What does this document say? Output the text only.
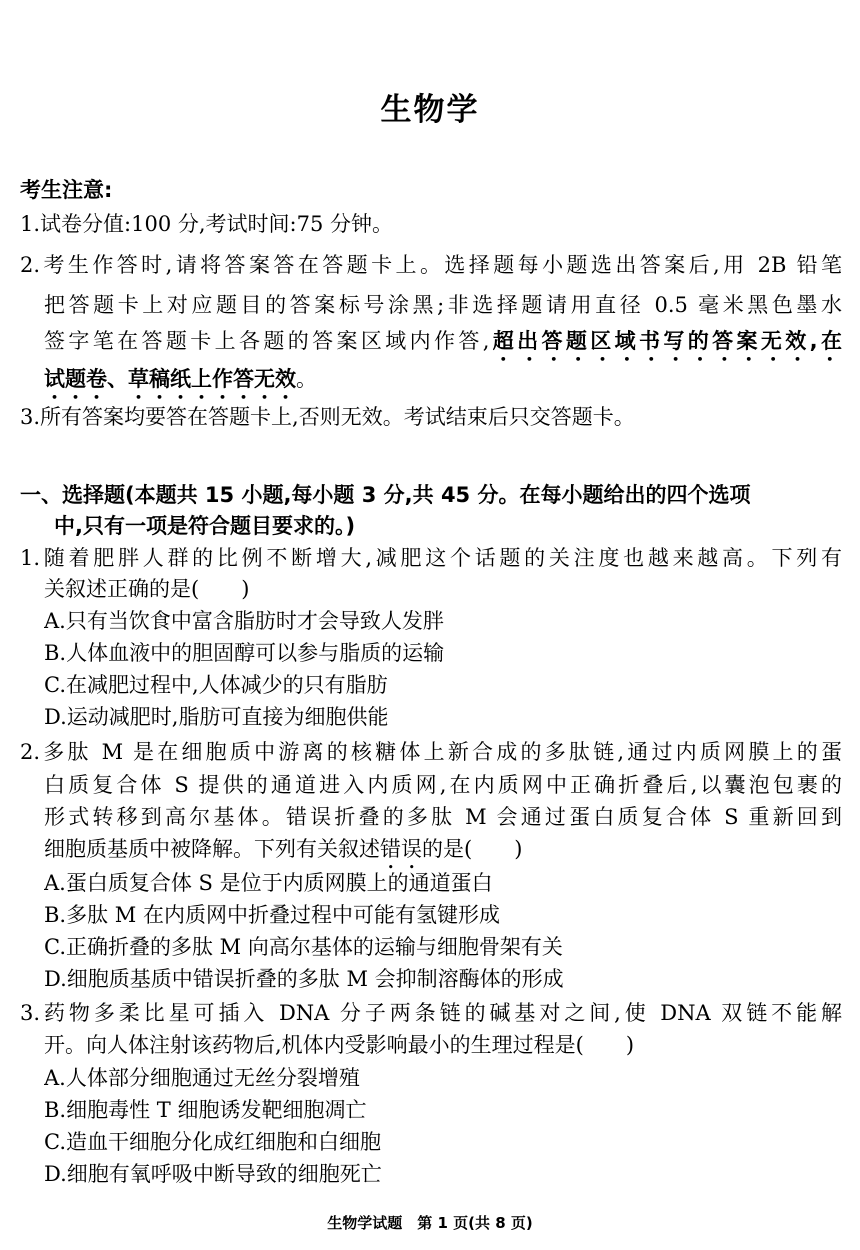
生物学
考生注意:
1.试卷分值:100 分,考试时间:75 分钟。
2.考生作答时,请将答案答在答题卡上。选择题每小题选出答案后,用 2B 铅笔
把答题卡上对应题目的答案标号涂黑;非选择题请用直径 0.5 毫米黑色墨水
签字笔在答题卡上各题的答案区域内作答,超出答题区域书写的答案无效,在
试题卷、草稿纸上作答无效。
3.所有答案均要答在答题卡上,否则无效。考试结束后只交答题卡。
一、选择题(本题共 15 小题,每小题 3 分,共 45 分。在每小题给出的四个选项
中,只有一项是符合题目要求的。)
1.随着肥胖人群的比例不断增大,减肥这个话题的关注度也越来越高。下列有
关叙述正确的是(　　)
A.只有当饮食中富含脂肪时才会导致人发胖
B.人体血液中的胆固醇可以参与脂质的运输
C.在减肥过程中,人体减少的只有脂肪
D.运动减肥时,脂肪可直接为细胞供能
2.多肽 M 是在细胞质中游离的核糖体上新合成的多肽链,通过内质网膜上的蛋
白质复合体 S 提供的通道进入内质网,在内质网中正确折叠后,以囊泡包裹的
形式转移到高尔基体。错误折叠的多肽 M 会通过蛋白质复合体 S 重新回到
细胞质基质中被降解。下列有关叙述错误的是(　　)
A.蛋白质复合体 S 是位于内质网膜上的通道蛋白
B.多肽 M 在内质网中折叠过程中可能有氢键形成
C.正确折叠的多肽 M 向高尔基体的运输与细胞骨架有关
D.细胞质基质中错误折叠的多肽 M 会抑制溶酶体的形成
3.药物多柔比星可插入 DNA 分子两条链的碱基对之间,使 DNA 双链不能解
开。向人体注射该药物后,机体内受影响最小的生理过程是(　　)
A.人体部分细胞通过无丝分裂增殖
B.细胞毒性 T 细胞诱发靶细胞凋亡
C.造血干细胞分化成红细胞和白细胞
D.细胞有氧呼吸中断导致的细胞死亡
生物学试题　第 1 页(共 8 页)
